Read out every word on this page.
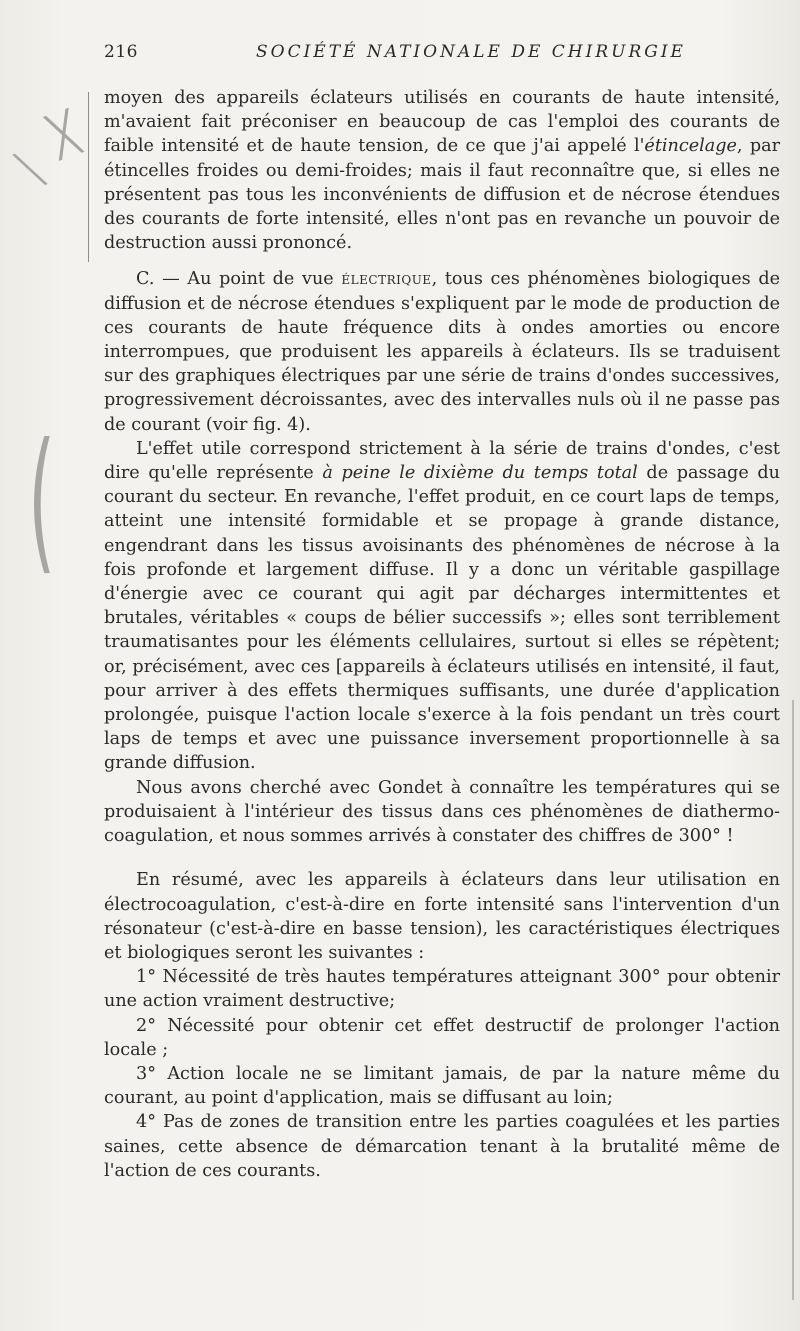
╳
╲
(
216	SOCIÉTÉ NATIONALE DE CHIRURGIE

moyen des appareils éclateurs utilisés en courants de haute intensité, m'avaient fait préconiser en beaucoup de cas l'emploi des courants de faible intensité et de haute tension, de ce que j'ai appelé l'étincelage, par étincelles froides ou demi-froides; mais il faut reconnaître que, si elles ne présentent pas tous les inconvénients de diffusion et de nécrose étendues des courants de forte intensité, elles n'ont pas en revanche un pouvoir de destruction aussi prononcé.

C. — Au point de vue électrique, tous ces phénomènes biologiques de diffusion et de nécrose étendues s'expliquent par le mode de production de ces courants de haute fréquence dits à ondes amorties ou encore interrompues, que produisent les appareils à éclateurs. Ils se traduisent sur des graphiques électriques par une série de trains d'ondes successives, progressivement décroissantes, avec des intervalles nuls où il ne passe pas de courant (voir fig. 4).

L'effet utile correspond strictement à la série de trains d'ondes, c'est dire qu'elle représente à peine le dixième du temps total de passage du courant du secteur. En revanche, l'effet produit, en ce court laps de temps, atteint une intensité formidable et se propage à grande distance, engendrant dans les tissus avoisinants des phénomènes de nécrose à la fois profonde et largement diffuse. Il y a donc un véritable gaspillage d'énergie avec ce courant qui agit par décharges intermittentes et brutales, véritables « coups de bélier successifs »; elles sont terriblement traumatisantes pour les éléments cellulaires, surtout si elles se répètent; or, précisément, avec ces [appareils à éclateurs utilisés en intensité, il faut, pour arriver à des effets thermiques suffisants, une durée d'application prolongée, puisque l'action locale s'exerce à la fois pendant un très court laps de temps et avec une puissance inversement proportionnelle à sa grande diffusion.

Nous avons cherché avec Gondet à connaître les températures qui se produisaient à l'intérieur des tissus dans ces phénomènes de diathermo-coagulation, et nous sommes arrivés à constater des chiffres de 300° !

En résumé, avec les appareils à éclateurs dans leur utilisation en électrocoagulation, c'est-à-dire en forte intensité sans l'intervention d'un résonateur (c'est-à-dire en basse tension), les caractéristiques électriques et biologiques seront les suivantes :

1° Nécessité de très hautes températures atteignant 300° pour obtenir une action vraiment destructive;

2° Nécessité pour obtenir cet effet destructif de prolonger l'action locale ;

3° Action locale ne se limitant jamais, de par la nature même du courant, au point d'application, mais se diffusant au loin;

4° Pas de zones de transition entre les parties coagulées et les parties saines, cette absence de démarcation tenant à la brutalité même de l'action de ces courants.
